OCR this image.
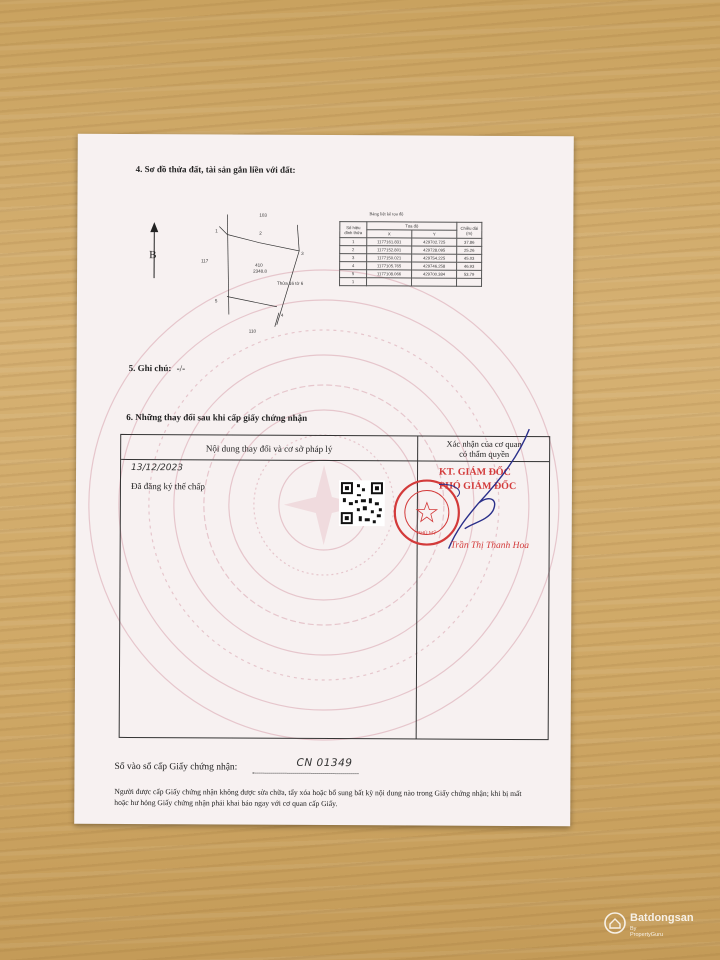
4. Sơ đồ thửa đất, tài sản gắn liền với đất:
B
103
1	2
3
117
410
2348.8
Thửa 16 tờ 6
5
4
110
Bảng liệt kê tọa độ
Số hiệu đỉnh thửa	Tọa độ		Chiều dài (m)
	X	Y	
1	1177161.831	429702.725	37.86
2	1177152.801	429728.095	25.26
3	1177150.021	429754.225	45.03
4	1177105.765	429746.258	46.93
5	1177108.066	429700.384	53.79
1			
5. Ghi chú: -/-
6. Những thay đổi sau khi cấp giấy chứng nhận
Nội dung thay đổi và cơ sở pháp lý	Xác nhận của cơ quan
có thẩm quyền
13/12/2023
Đã đăng ký thế chấp
PHÚ MỸ
KT. GIÁM ĐỐC
PHÓ GIÁM ĐỐC
Trần Thị Thanh Hoa
Số vào sổ cấp Giấy chứng nhận:	CN 01349
Người được cấp Giấy chứng nhận không được sửa chữa, tẩy xóa hoặc bổ sung bất kỳ nội dung nào trong Giấy chứng nhận; khi bị mất hoặc hư hỏng Giấy chứng nhận phải khai báo ngay với cơ quan cấp Giấy.
Batdongsan
By PropertyGuru
